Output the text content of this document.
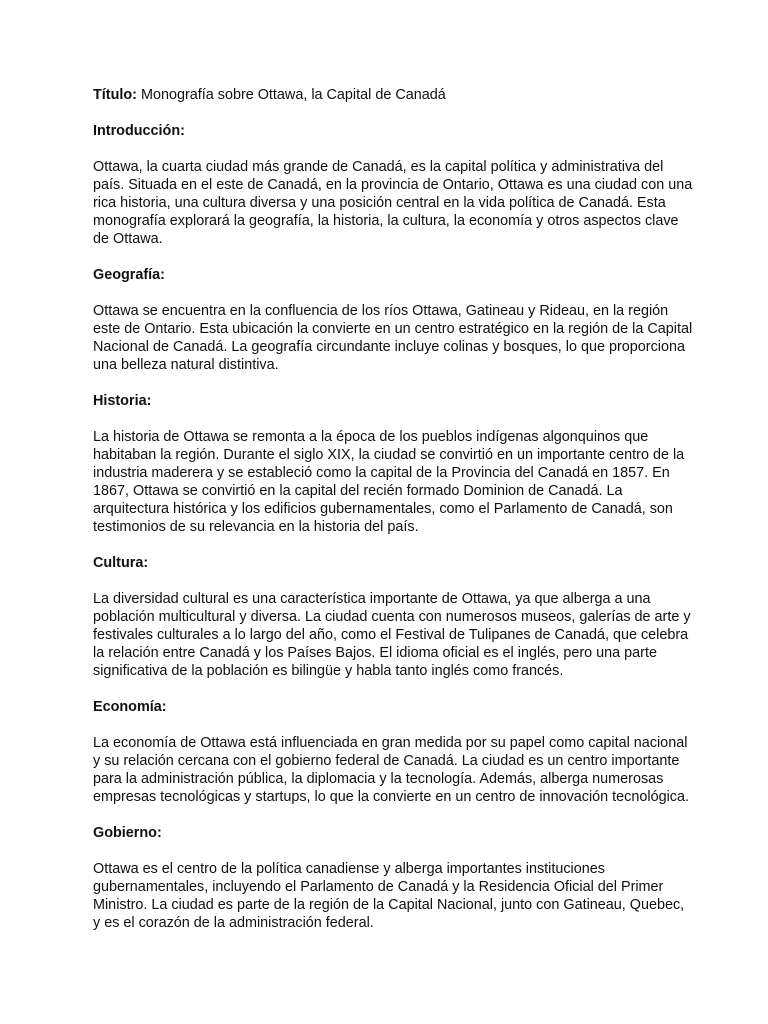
Título: Monografía sobre Ottawa, la Capital de Canadá

Introducción:

Ottawa, la cuarta ciudad más grande de Canadá, es la capital política y administrativa del país. Situada en el este de Canadá, en la provincia de Ontario, Ottawa es una ciudad con una rica historia, una cultura diversa y una posición central en la vida política de Canadá. Esta monografía explorará la geografía, la historia, la cultura, la economía y otros aspectos clave de Ottawa.

Geografía:

Ottawa se encuentra en la confluencia de los ríos Ottawa, Gatineau y Rideau, en la región este de Ontario. Esta ubicación la convierte en un centro estratégico en la región de la Capital Nacional de Canadá. La geografía circundante incluye colinas y bosques, lo que proporciona una belleza natural distintiva.

Historia:

La historia de Ottawa se remonta a la época de los pueblos indígenas algonquinos que habitaban la región. Durante el siglo XIX, la ciudad se convirtió en un importante centro de la industria maderera y se estableció como la capital de la Provincia del Canadá en 1857. En 1867, Ottawa se convirtió en la capital del recién formado Dominion de Canadá. La arquitectura histórica y los edificios gubernamentales, como el Parlamento de Canadá, son testimonios de su relevancia en la historia del país.

Cultura:

La diversidad cultural es una característica importante de Ottawa, ya que alberga a una población multicultural y diversa. La ciudad cuenta con numerosos museos, galerías de arte y festivales culturales a lo largo del año, como el Festival de Tulipanes de Canadá, que celebra la relación entre Canadá y los Países Bajos. El idioma oficial es el inglés, pero una parte significativa de la población es bilingüe y habla tanto inglés como francés.

Economía:

La economía de Ottawa está influenciada en gran medida por su papel como capital nacional y su relación cercana con el gobierno federal de Canadá. La ciudad es un centro importante para la administración pública, la diplomacia y la tecnología. Además, alberga numerosas empresas tecnológicas y startups, lo que la convierte en un centro de innovación tecnológica.

Gobierno:

Ottawa es el centro de la política canadiense y alberga importantes instituciones gubernamentales, incluyendo el Parlamento de Canadá y la Residencia Oficial del Primer Ministro. La ciudad es parte de la región de la Capital Nacional, junto con Gatineau, Quebec, y es el corazón de la administración federal.
